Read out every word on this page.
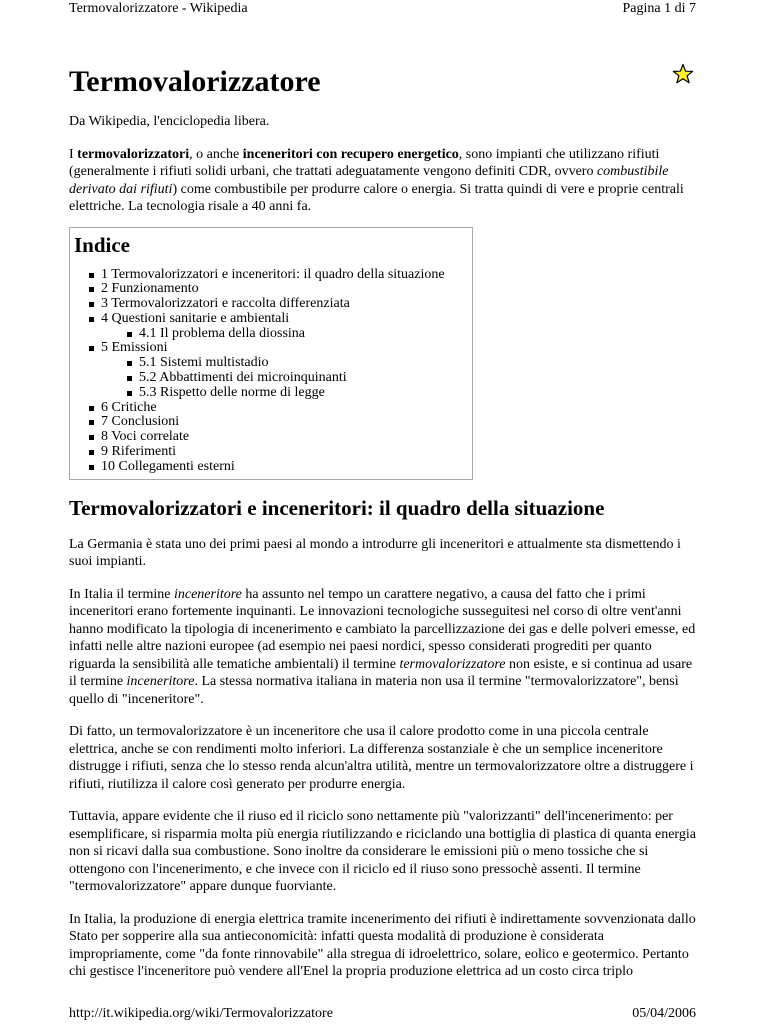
Termovalorizzatore - Wikipedia	Pagina 1 di 7
Termovalorizzatore

Da Wikipedia, l'enciclopedia libera.

I termovalorizzatori, o anche inceneritori con recupero energetico, sono impianti che utilizzano rifiuti (generalmente i rifiuti solidi urbani, che trattati adeguatamente vengono definiti CDR, ovvero combustibile derivato dai rifiuti) come combustibile per produrre calore o energia. Si tratta quindi di vere e proprie centrali elettriche. La tecnologia risale a 40 anni fa.

Indice
1 Termovalorizzatori e inceneritori: il quadro della situazione
2 Funzionamento
3 Termovalorizzatori e raccolta differenziata
4 Questioni sanitarie e ambientali
4.1 Il problema della diossina
5 Emissioni
5.1 Sistemi multistadio
5.2 Abbattimenti dei microinquinanti
5.3 Rispetto delle norme di legge
6 Critiche
7 Conclusioni
8 Voci correlate
9 Riferimenti
10 Collegamenti esterni
Termovalorizzatori e inceneritori: il quadro della situazione

La Germania è stata uno dei primi paesi al mondo a introdurre gli inceneritori e attualmente sta dismettendo i suoi impianti.

In Italia il termine inceneritore ha assunto nel tempo un carattere negativo, a causa del fatto che i primi inceneritori erano fortemente inquinanti. Le innovazioni tecnologiche susseguitesi nel corso di oltre vent'anni hanno modificato la tipologia di incenerimento e cambiato la parcellizzazione dei gas e delle polveri emesse, ed infatti nelle altre nazioni europee (ad esempio nei paesi nordici, spesso considerati progrediti per quanto riguarda la sensibilità alle tematiche ambientali) il termine termovalorizzatore non esiste, e si continua ad usare il termine inceneritore. La stessa normativa italiana in materia non usa il termine "termovalorizzatore", bensì quello di "inceneritore".

Di fatto, un termovalorizzatore è un inceneritore che usa il calore prodotto come in una piccola centrale elettrica, anche se con rendimenti molto inferiori. La differenza sostanziale è che un semplice inceneritore distrugge i rifiuti, senza che lo stesso renda alcun'altra utilità, mentre un termovalorizzatore oltre a distruggere i rifiuti, riutilizza il calore così generato per produrre energia.

Tuttavia, appare evidente che il riuso ed il riciclo sono nettamente più "valorizzanti" dell'incenerimento: per esemplificare, si risparmia molta più energia riutilizzando e riciclando una bottiglia di plastica di quanta energia non si ricavi dalla sua combustione. Sono inoltre da considerare le emissioni più o meno tossiche che si ottengono con l'incenerimento, e che invece con il riciclo ed il riuso sono pressochè assenti. Il termine "termovalorizzatore" appare dunque fuorviante.

In Italia, la produzione di energia elettrica tramite incenerimento dei rifiuti è indirettamente sovvenzionata dallo Stato per sopperire alla sua antieconomicità: infatti questa modalità di produzione è considerata impropriamente, come "da fonte rinnovabile" alla stregua di idroelettrico, solare, eolico e geotermico. Pertanto chi gestisce l'inceneritore può vendere all'Enel la propria produzione elettrica ad un costo circa triplo

http://it.wikipedia.org/wiki/Termovalorizzatore	05/04/2006
